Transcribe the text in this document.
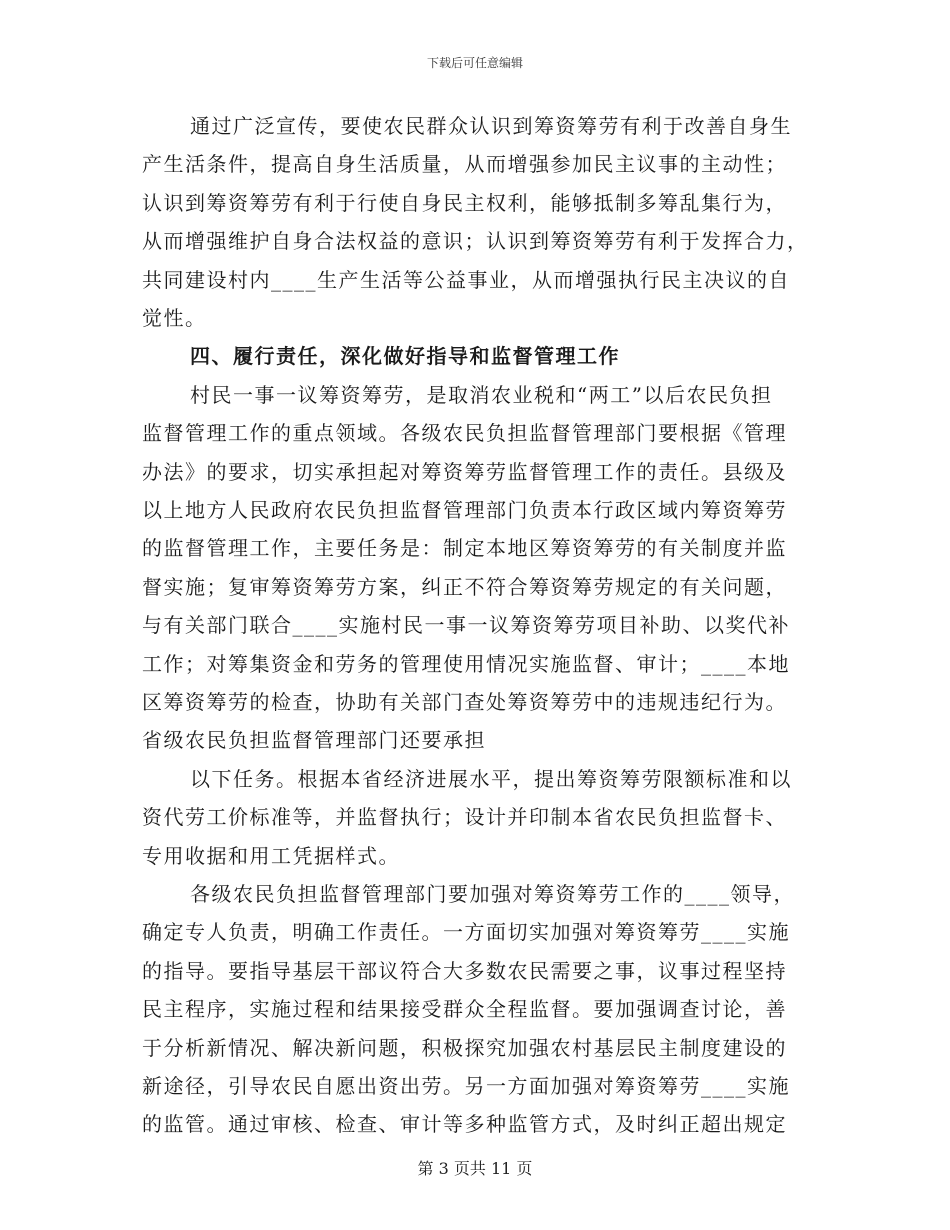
下载后可任意编辑
通过广泛宣传，要使农民群众认识到筹资筹劳有利于改善自身生
产生活条件，提高自身生活质量，从而增强参加民主议事的主动性；
认识到筹资筹劳有利于行使自身民主权利，能够抵制多筹乱集行为，
从而增强维护自身合法权益的意识；认识到筹资筹劳有利于发挥合力，
共同建设村内____生产生活等公益事业，从而增强执行民主决议的自
觉性。
四、履行责任，深化做好指导和监督管理工作
村民一事一议筹资筹劳，是取消农业税和“两工”以后农民负担
监督管理工作的重点领域。各级农民负担监督管理部门要根据《管理
办法》的要求，切实承担起对筹资筹劳监督管理工作的责任。县级及
以上地方人民政府农民负担监督管理部门负责本行政区域内筹资筹劳
的监督管理工作，主要任务是：制定本地区筹资筹劳的有关制度并监
督实施；复审筹资筹劳方案，纠正不符合筹资筹劳规定的有关问题，
与有关部门联合____实施村民一事一议筹资筹劳项目补助、以奖代补
工作；对筹集资金和劳务的管理使用情况实施监督、审计；____本地
区筹资筹劳的检查，协助有关部门查处筹资筹劳中的违规违纪行为。
省级农民负担监督管理部门还要承担
以下任务。根据本省经济进展水平，提出筹资筹劳限额标准和以
资代劳工价标准等，并监督执行；设计并印制本省农民负担监督卡、
专用收据和用工凭据样式。
各级农民负担监督管理部门要加强对筹资筹劳工作的____领导，
确定专人负责，明确工作责任。一方面切实加强对筹资筹劳____实施
的指导。要指导基层干部议符合大多数农民需要之事，议事过程坚持
民主程序，实施过程和结果接受群众全程监督。要加强调查讨论，善
于分析新情况、解决新问题，积极探究加强农村基层民主制度建设的
新途径，引导农民自愿出资出劳。另一方面加强对筹资筹劳____实施
的监管。通过审核、检查、审计等多种监管方式，及时纠正超出规定
第 3 页共 11 页
